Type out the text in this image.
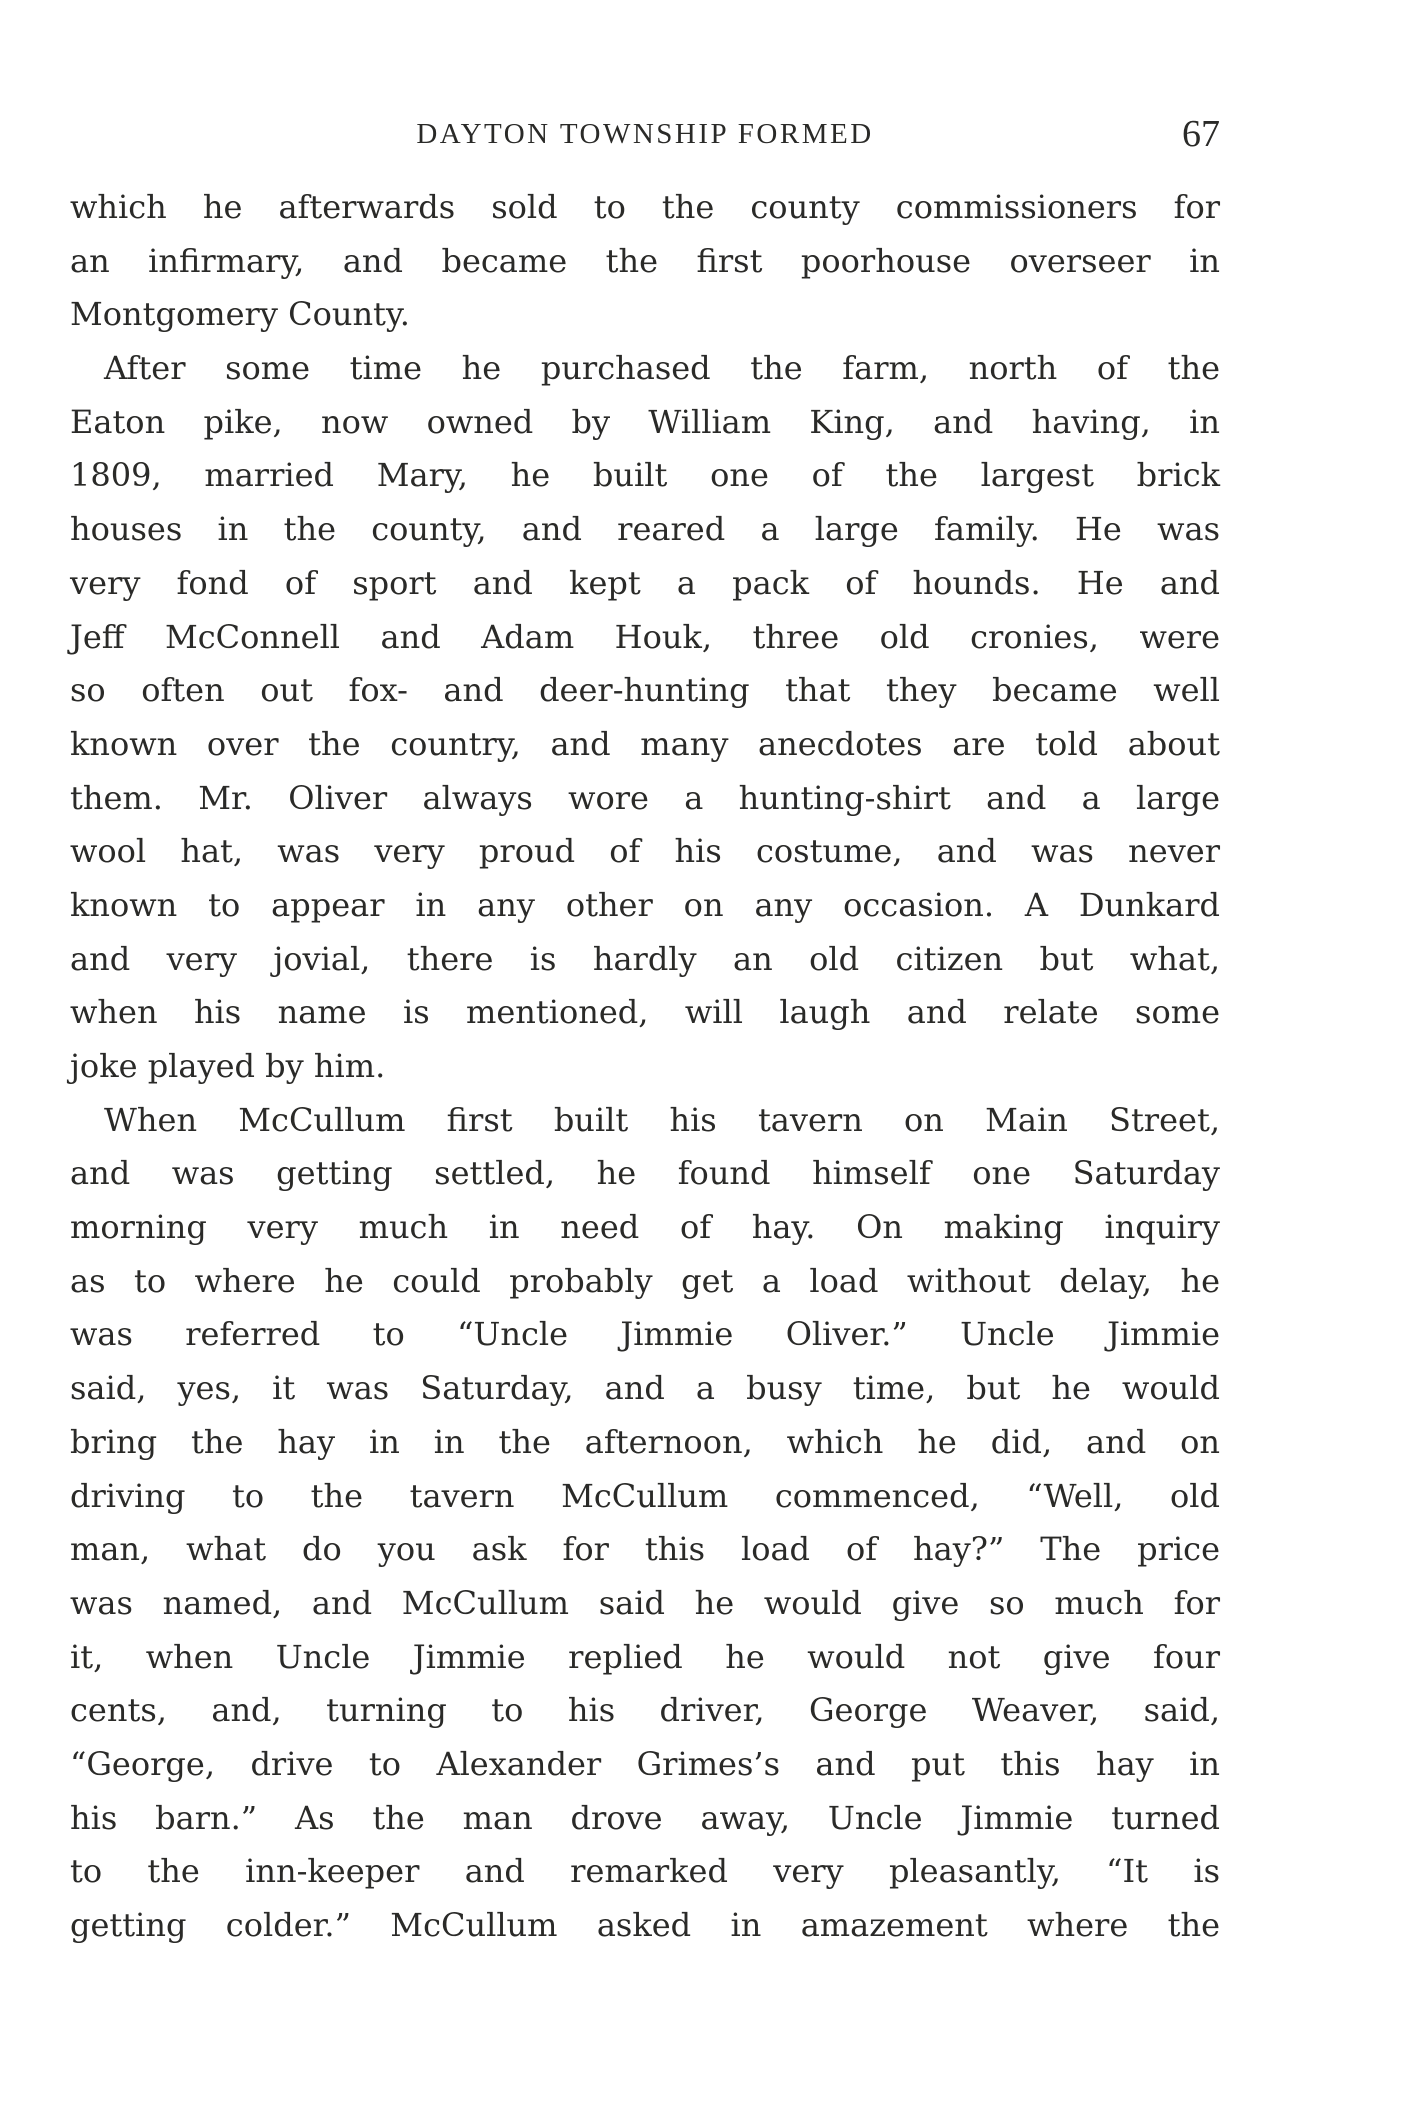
DAYTON TOWNSHIP FORMED	67
which he afterwards sold to the county commissioners for
an infirmary, and became the first poorhouse overseer in
Montgomery County.
After some time he purchased the farm, north of the
Eaton pike, now owned by William King, and having, in
1809, married Mary, he built one of the largest brick
houses in the county, and reared a large family. He was
very fond of sport and kept a pack of hounds. He and
Jeff McConnell and Adam Houk, three old cronies, were
so often out fox- and deer-hunting that they became well
known over the country, and many anecdotes are told about
them. Mr. Oliver always wore a hunting-shirt and a large
wool hat, was very proud of his costume, and was never
known to appear in any other on any occasion. A Dunkard
and very jovial, there is hardly an old citizen but what,
when his name is mentioned, will laugh and relate some
joke played by him.
When McCullum first built his tavern on Main Street,
and was getting settled, he found himself one Saturday
morning very much in need of hay. On making inquiry
as to where he could probably get a load without delay, he
was referred to “Uncle Jimmie Oliver.” Uncle Jimmie
said, yes, it was Saturday, and a busy time, but he would
bring the hay in in the afternoon, which he did, and on
driving to the tavern McCullum commenced, “Well, old
man, what do you ask for this load of hay?” The price
was named, and McCullum said he would give so much for
it, when Uncle Jimmie replied he would not give four
cents, and, turning to his driver, George Weaver, said,
“George, drive to Alexander Grimes’s and put this hay in
his barn.” As the man drove away, Uncle Jimmie turned
to the inn-keeper and remarked very pleasantly, “It is
getting colder.” McCullum asked in amazement where the
